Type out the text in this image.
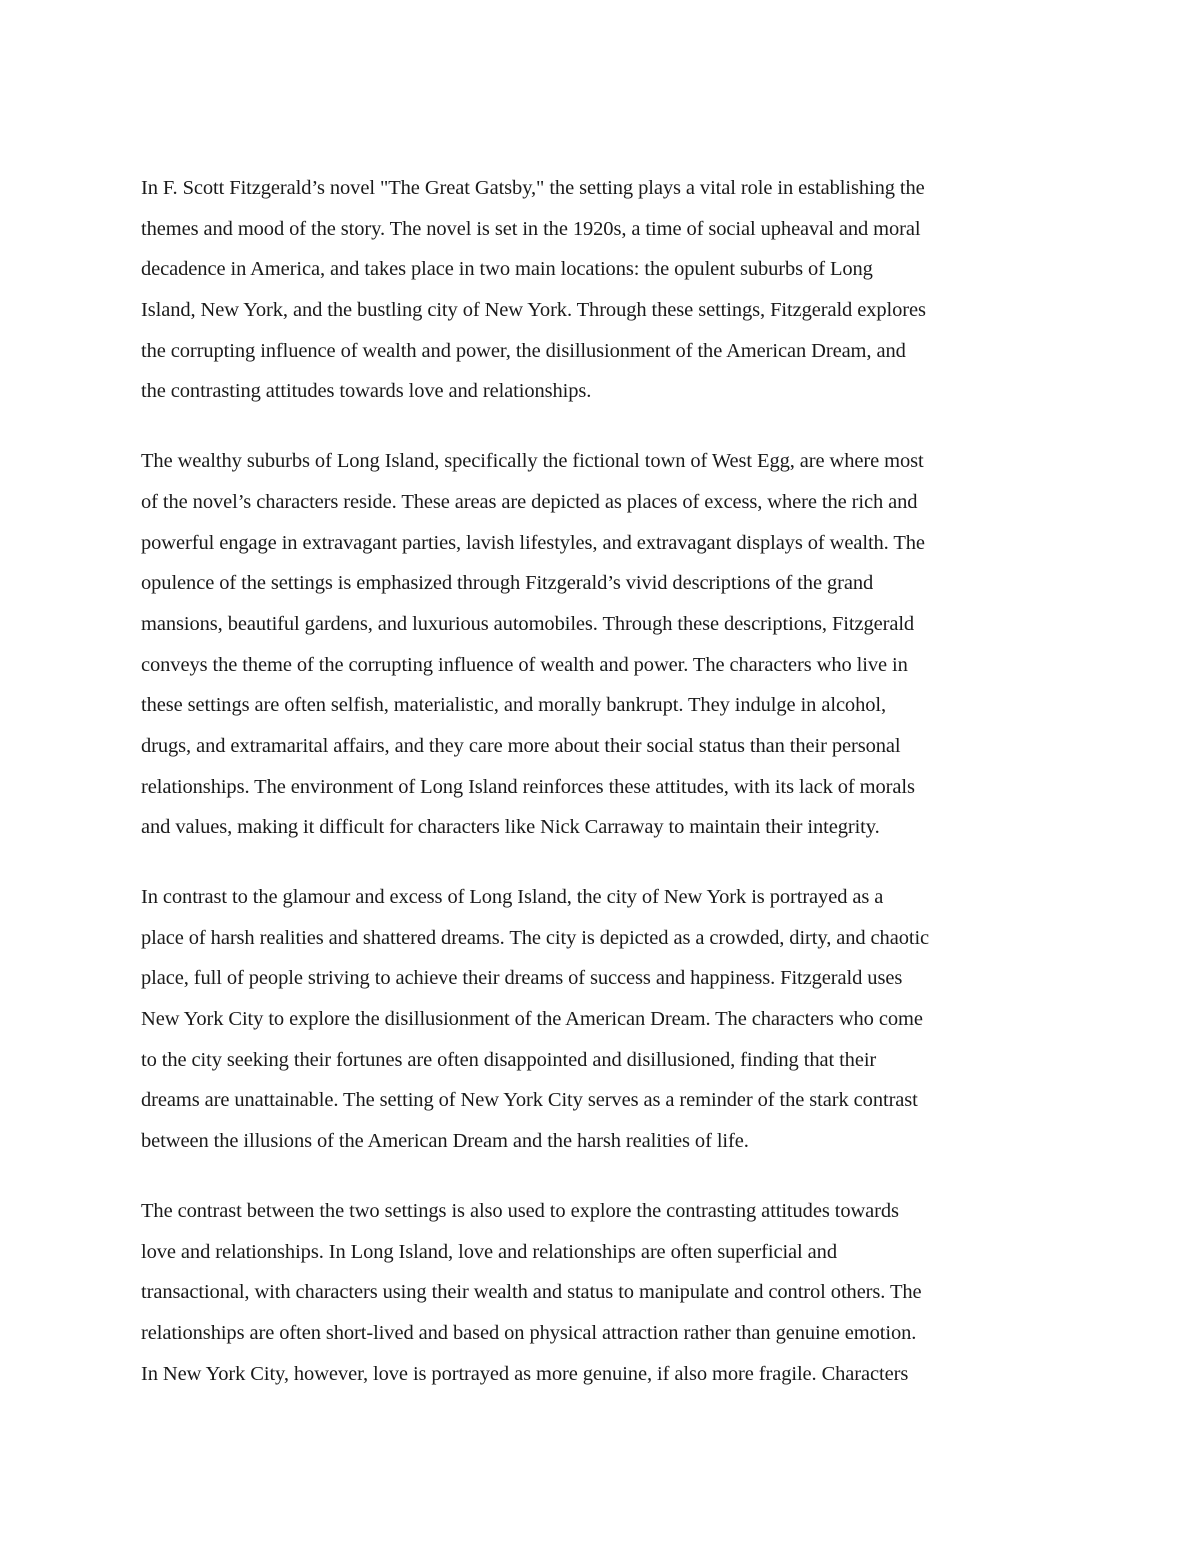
In F. Scott Fitzgerald’s novel "The Great Gatsby," the setting plays a vital role in establishing the
themes and mood of the story. The novel is set in the 1920s, a time of social upheaval and moral
decadence in America, and takes place in two main locations: the opulent suburbs of Long
Island, New York, and the bustling city of New York. Through these settings, Fitzgerald explores
the corrupting influence of wealth and power, the disillusionment of the American Dream, and
the contrasting attitudes towards love and relationships.

The wealthy suburbs of Long Island, specifically the fictional town of West Egg, are where most
of the novel’s characters reside. These areas are depicted as places of excess, where the rich and
powerful engage in extravagant parties, lavish lifestyles, and extravagant displays of wealth. The
opulence of the settings is emphasized through Fitzgerald’s vivid descriptions of the grand
mansions, beautiful gardens, and luxurious automobiles. Through these descriptions, Fitzgerald
conveys the theme of the corrupting influence of wealth and power. The characters who live in
these settings are often selfish, materialistic, and morally bankrupt. They indulge in alcohol,
drugs, and extramarital affairs, and they care more about their social status than their personal
relationships. The environment of Long Island reinforces these attitudes, with its lack of morals
and values, making it difficult for characters like Nick Carraway to maintain their integrity.

In contrast to the glamour and excess of Long Island, the city of New York is portrayed as a
place of harsh realities and shattered dreams. The city is depicted as a crowded, dirty, and chaotic
place, full of people striving to achieve their dreams of success and happiness. Fitzgerald uses
New York City to explore the disillusionment of the American Dream. The characters who come
to the city seeking their fortunes are often disappointed and disillusioned, finding that their
dreams are unattainable. The setting of New York City serves as a reminder of the stark contrast
between the illusions of the American Dream and the harsh realities of life.

The contrast between the two settings is also used to explore the contrasting attitudes towards
love and relationships. In Long Island, love and relationships are often superficial and
transactional, with characters using their wealth and status to manipulate and control others. The
relationships are often short-lived and based on physical attraction rather than genuine emotion.
In New York City, however, love is portrayed as more genuine, if also more fragile. Characters
